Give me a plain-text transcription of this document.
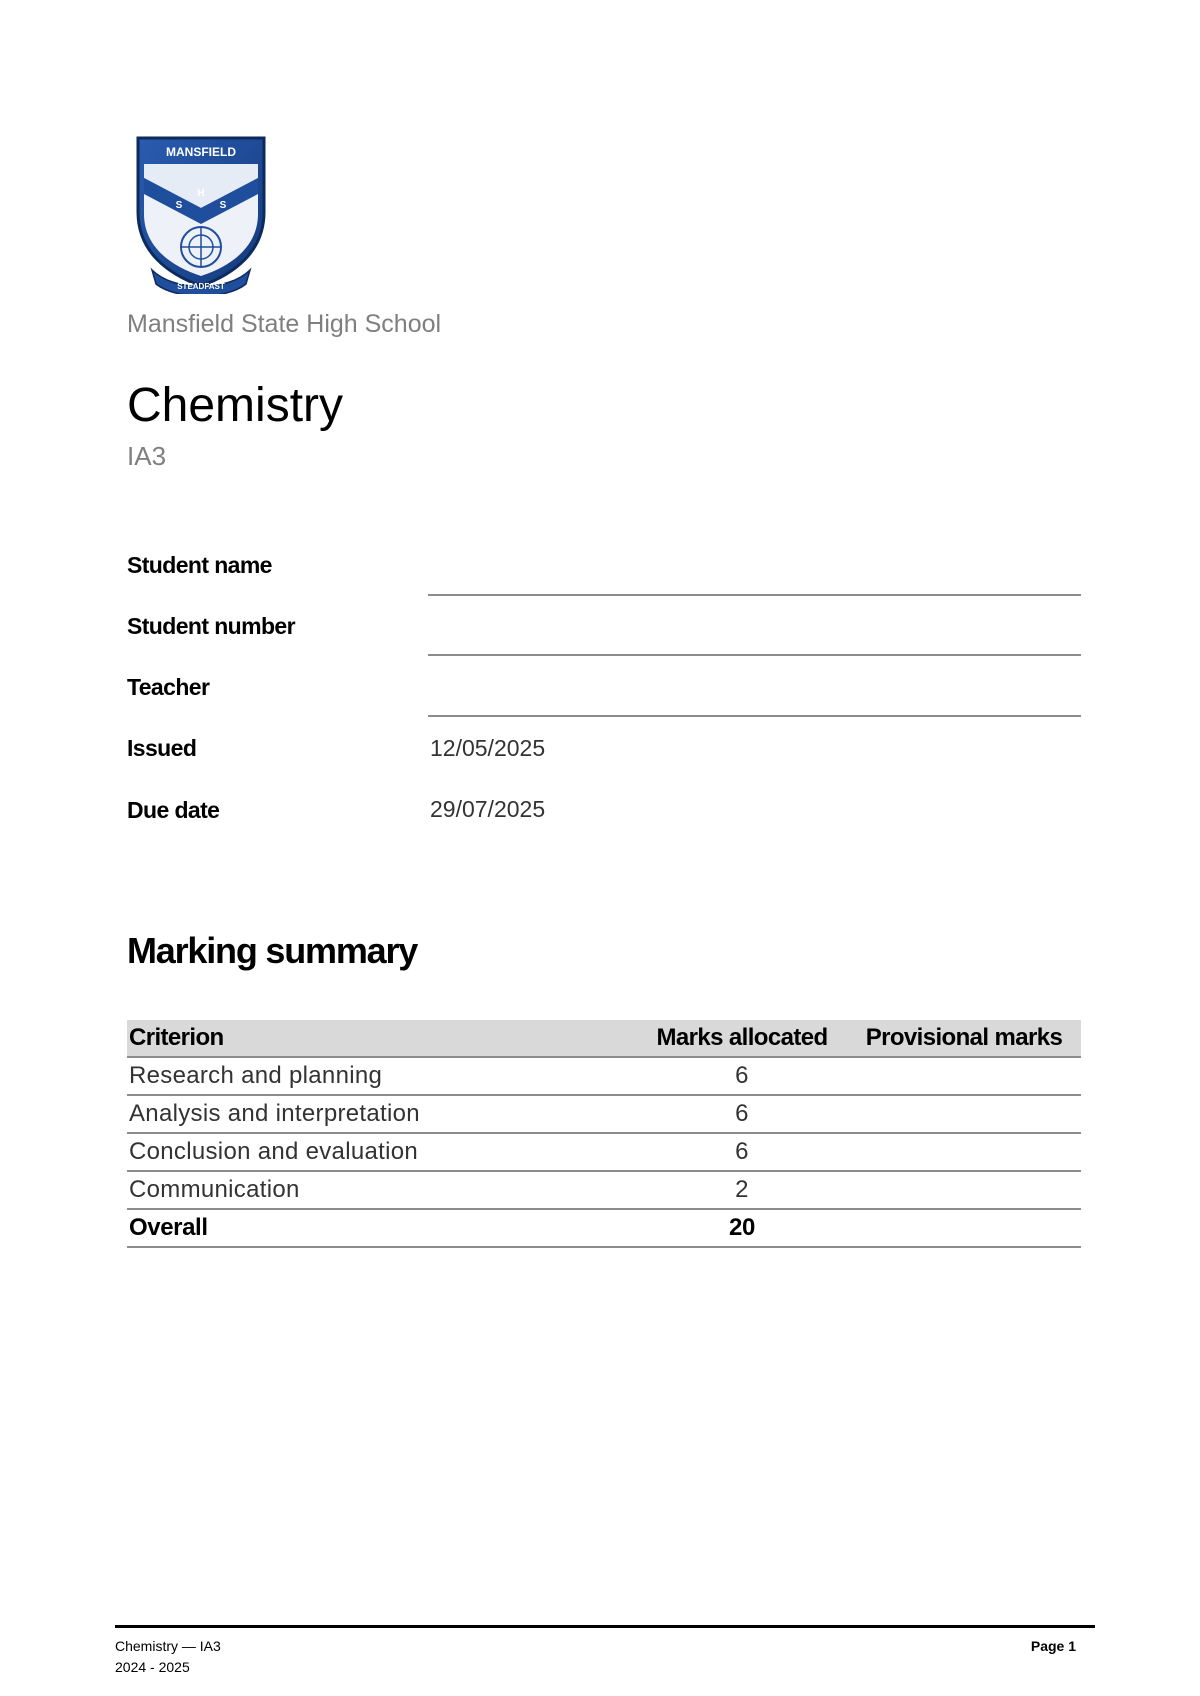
MANSFIELD
S
H
S
STEADFAST
Mansfield State High School
Chemistry
IA3
Student name
Student number
Teacher
Issued	12/05/2025
Due date	29/07/2025
Marking summary
Criterion	Marks allocated	Provisional marks
Research and planning	6	
Analysis and interpretation	6	
Conclusion and evaluation	6	
Communication	2	
Overall	20	
Chemistry — IA3
2024 - 2025
Page 1
